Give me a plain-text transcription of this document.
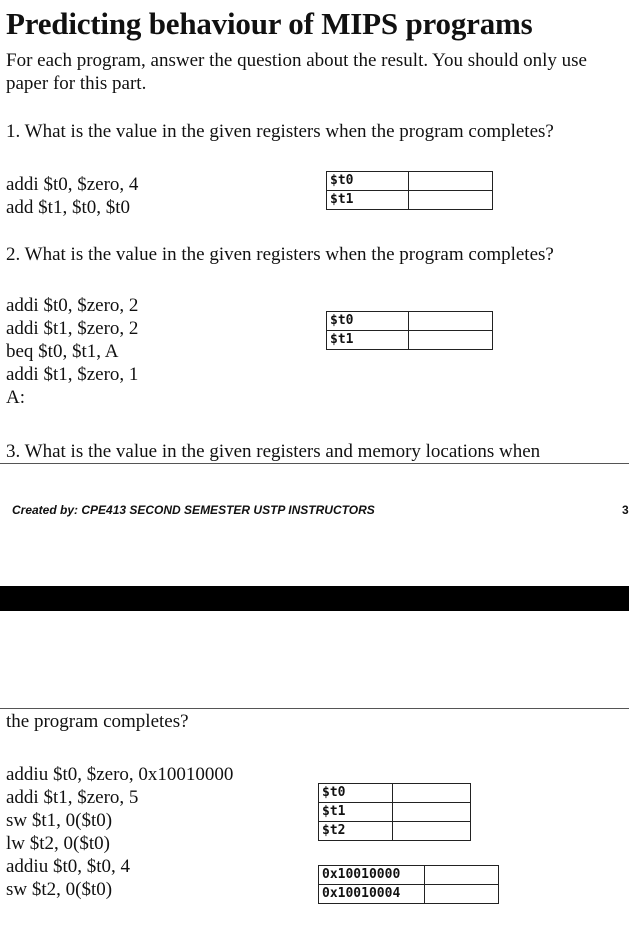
Predicting behaviour of MIPS programs
For each program, answer the question about the result. You should only use paper for this part.
1. What is the value in the given registers when the program completes?
addi $t0, $zero, 4
add $t1, $t0, $t0
$t0	
$t1	
2. What is the value in the given registers when the program completes?
addi $t0, $zero, 2
addi $t1, $zero, 2
beq $t0, $t1, A
addi $t1, $zero, 1
A:
$t0	
$t1	
3. What is the value in the given registers and memory locations when
Created by: CPE413 SECOND SEMESTER USTP INSTRUCTORS	3
the program completes?
addiu $t0, $zero, 0x10010000
addi $t1, $zero, 5
sw $t1, 0($t0)
lw $t2, 0($t0)
addiu $t0, $t0, 4
sw $t2, 0($t0)
$t0	
$t1	
$t2	
0x10010000	
0x10010004	
